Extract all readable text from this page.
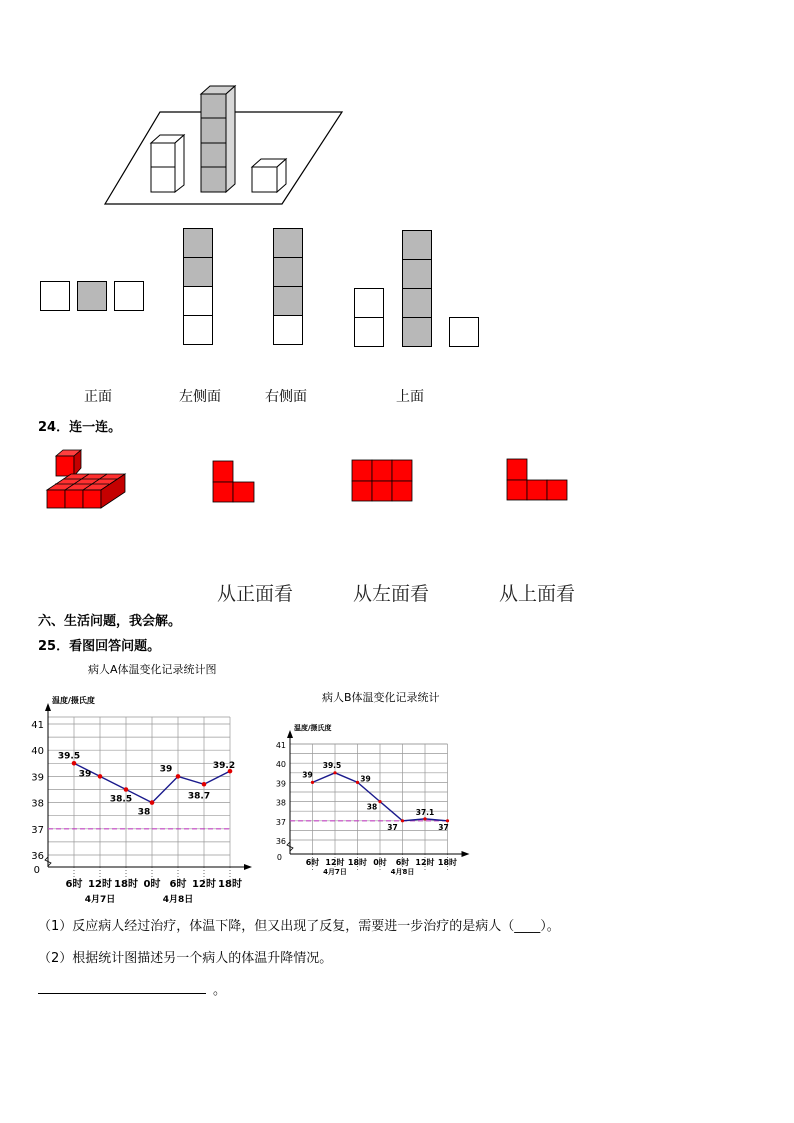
正面	左侧面	右侧面	上面
24．连一连。
从正面看	从左面看	从上面看
六、生活问题，我会解。
25．看图回答问题。
病人A体温变化记录统计图
病人B体温变化记录统计
温度/摄氏度
36
37
38
39
40
41
0
6时 12时 18时 0时 6时 12时 18时
4月7日	4月8日
39.5
39
38.5
38
39
38.7
39.2
温度/摄氏度
36
37
38
39
40
41
0
6时 12时 18时 0时 6时 12时 18时
4月7日	4月8日
39
39.5
39
38
37
37.1
37
（1）反应病人经过治疗，体温下降，但又出现了反复，需要进一步治疗的是病人（____）。
（2）根据统计图描述另一个病人的体温升降情况。
。
